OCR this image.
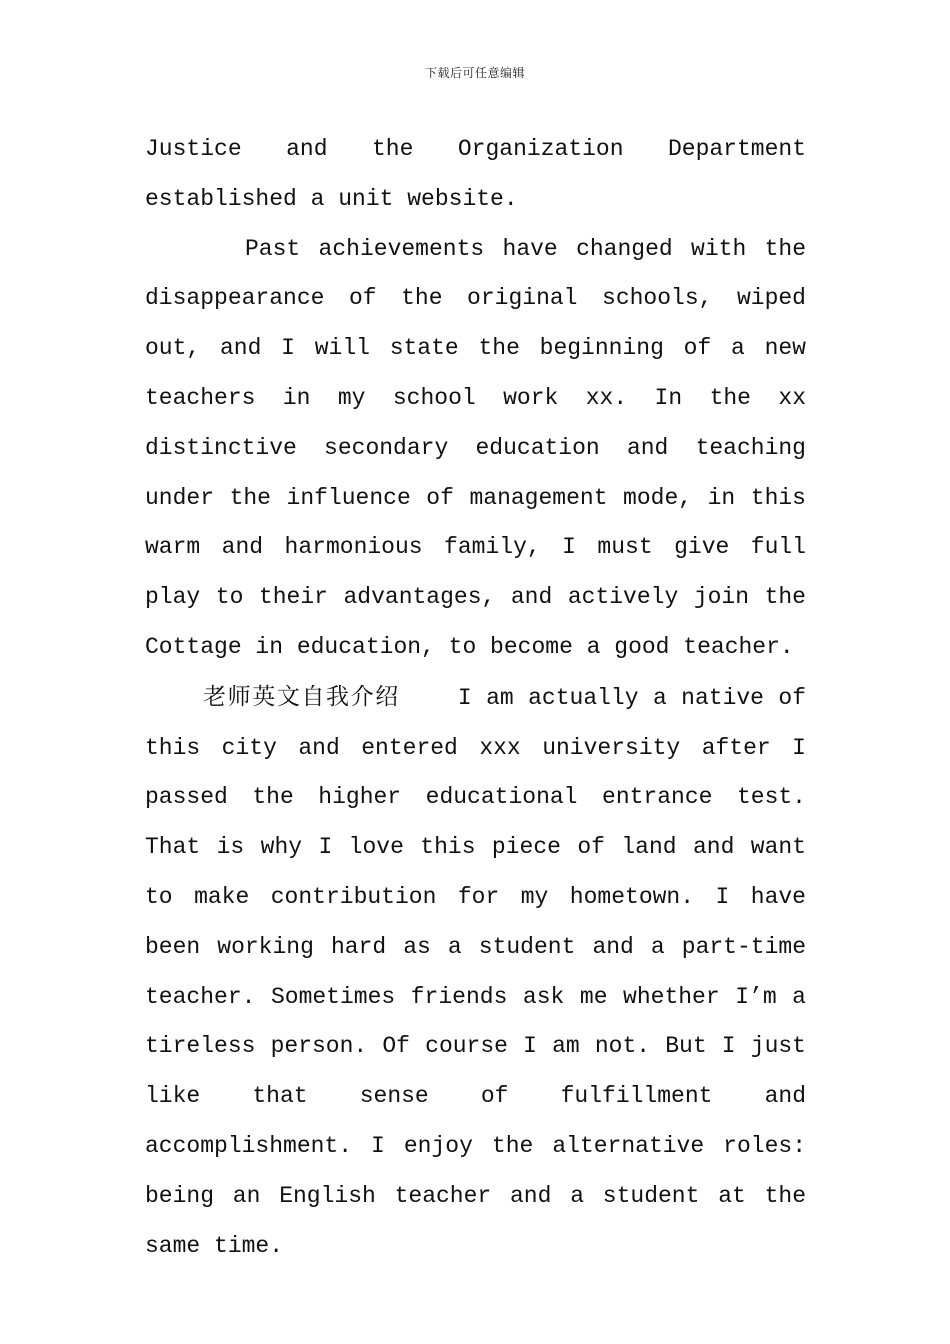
下载后可任意编辑

Justice and the Organization Department established a unit website.

Past achievements have changed with the disappearance of the original schools, wiped out, and I will state the beginning of a new teachers in my school work xx. In the xx distinctive secondary education and teaching under the influence of management mode, in this warm and harmonious family, I must give full play to their advantages, and actively join the Cottage in education, to become a good teacher.

老师英文自我介绍	I am actually a native of this city and entered xxx university after I passed the higher educational entrance test. That is why I love this piece of land and want to make contribution for my hometown. I have been working hard as a student and a part-time teacher. Sometimes friends ask me whether I’m a tireless person. Of course I am not. But I just like that sense of fulfillment and accomplishment. I enjoy the alternative roles: being an English teacher and a student at the same time.
